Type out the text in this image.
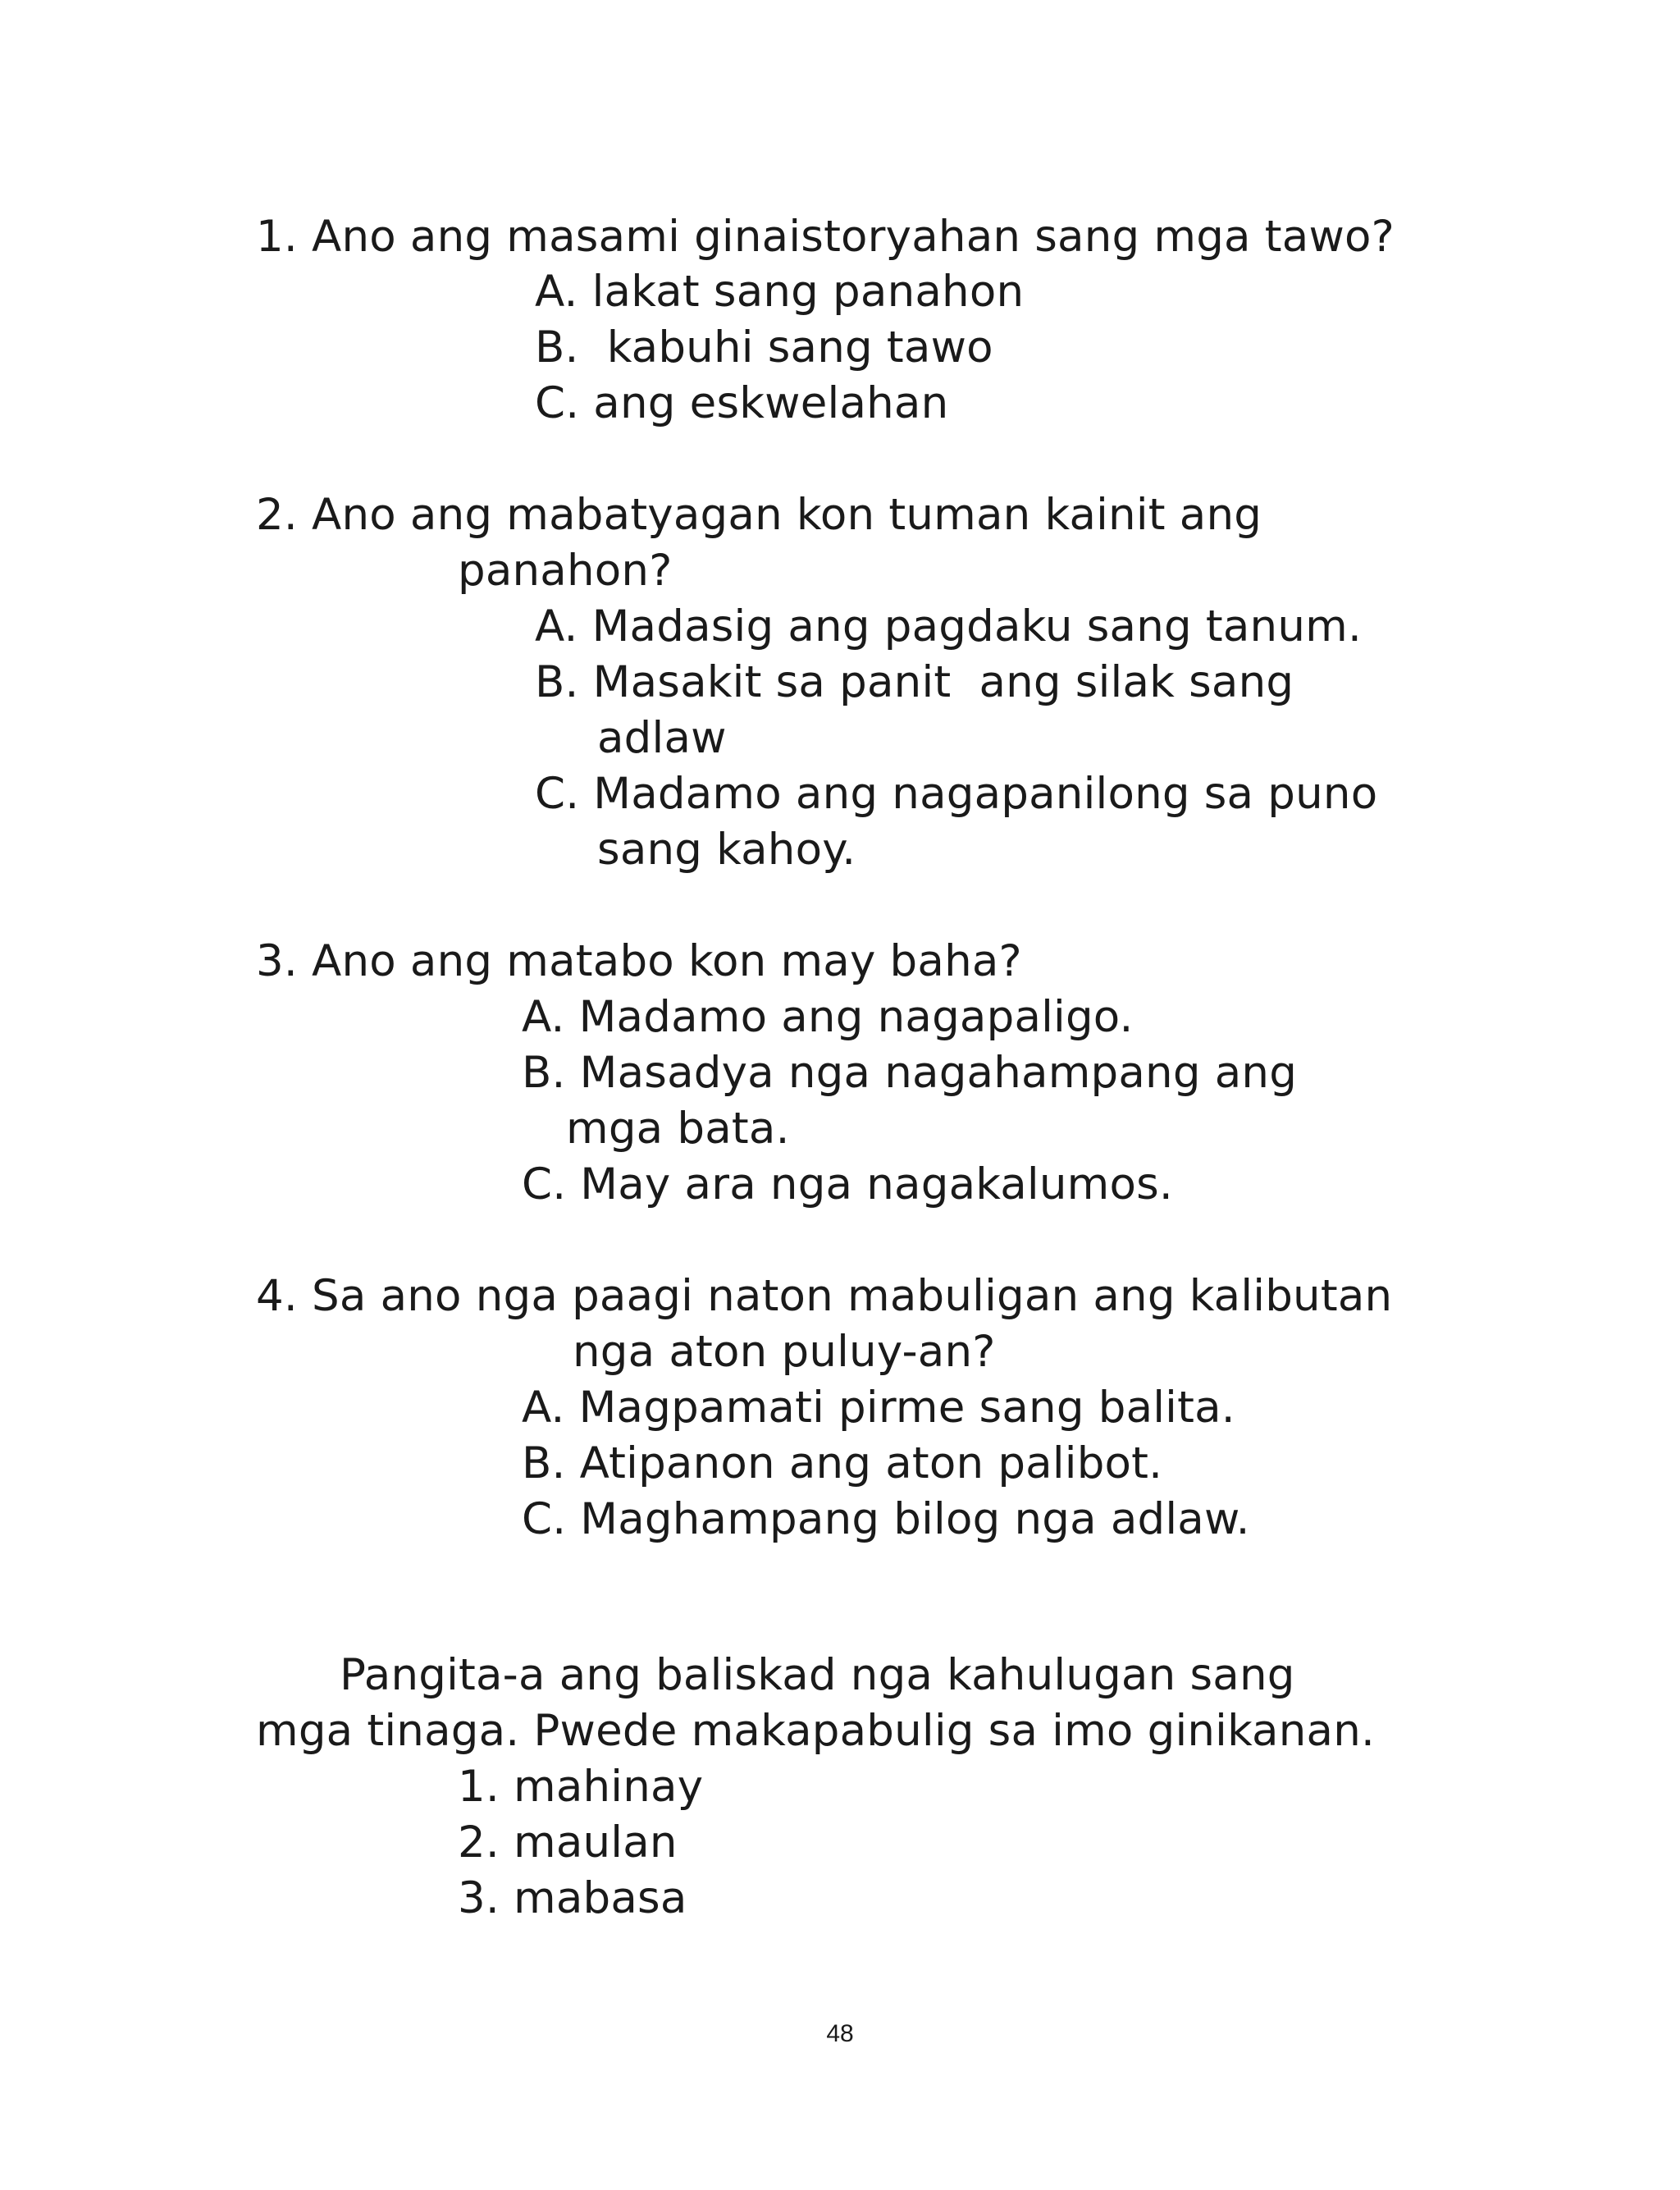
1. Ano ang masami ginaistoryahan sang mga tawo?

A. lakat sang panahon

B.  kabuhi sang tawo

C. ang eskwelahan

2. Ano ang mabatyagan kon tuman kainit ang

panahon?

A. Madasig ang pagdaku sang tanum.

B. Masakit sa panit  ang silak sang

adlaw

C. Madamo ang nagapanilong sa puno

sang kahoy.

3. Ano ang matabo kon may baha?

A. Madamo ang nagapaligo.

B. Masadya nga nagahampang ang

mga bata.

C. May ara nga nagakalumos.

4. Sa ano nga paagi naton mabuligan ang kalibutan

nga aton puluy-an?

A. Magpamati pirme sang balita.

B. Atipanon ang aton palibot.

C. Maghampang bilog nga adlaw.

Pangita-a ang baliskad nga kahulugan sang

mga tinaga. Pwede makapabulig sa imo ginikanan.

1. mahinay

2. maulan

3. mabasa

48
